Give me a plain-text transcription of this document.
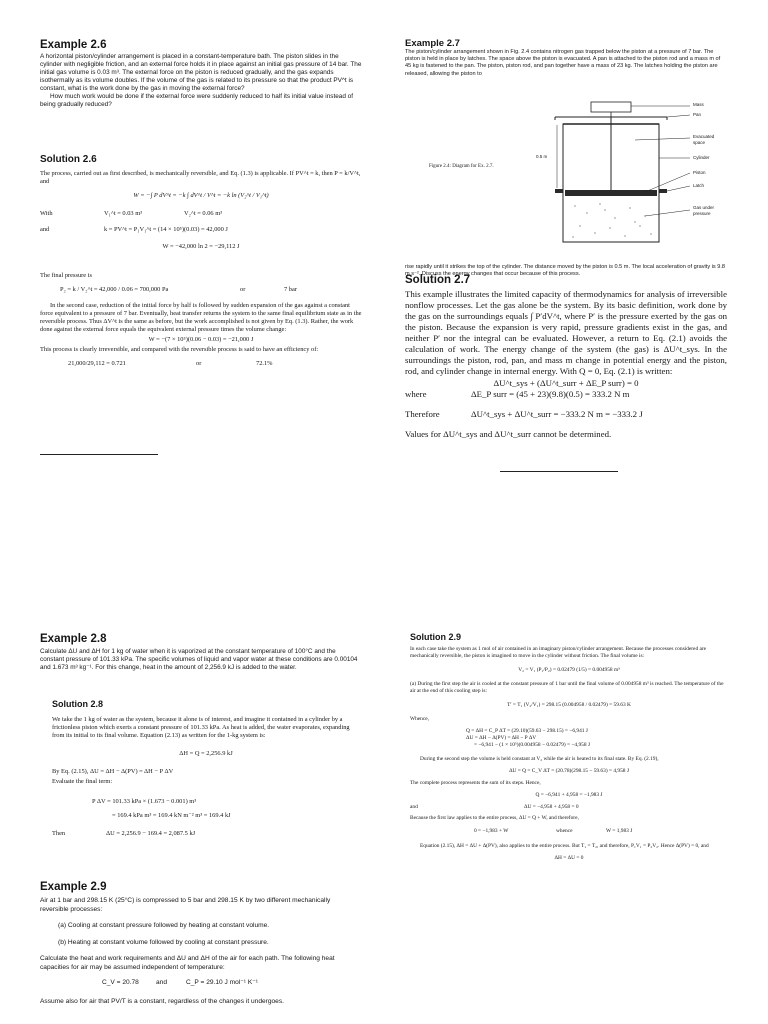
Example 2.6

A horizontal piston/cylinder arrangement is placed in a constant-temperature bath. The piston slides in the cylinder with negligible friction, and an external force holds it in place against an initial gas pressure of 14 bar. The initial gas volume is 0.03 m³. The external force on the piston is reduced gradually, and the gas expands isothermally as its volume doubles. If the volume of the gas is related to its pressure so that the product PV^t is constant, what is the work done by the gas in moving the external force?

How much work would be done if the external force were suddenly reduced to half its initial value instead of being gradually reduced?

Solution 2.6

The process, carried out as first described, is mechanically reversible, and Eq. (1.3) is applicable. If PV^t = k, then P = k/V^t, and

W = −∫ P dV^t = −k ∫ dV^t / V^t = −k ln (V₂^t / V₁^t)

With	V₁^t = 0.03 m³	V₂^t = 0.06 m³
and	k = PV^t = P₁V₁^t = (14 × 10⁵)(0.03) = 42,000 J

W = −42,000 ln 2 = −29,112 J

The final pressure is

P₂ = k / V₂^t = 42,000 / 0.06 = 700,000 Pa	or	7 bar

In the second case, reduction of the initial force by half is followed by sudden expansion of the gas against a constant force equivalent to a pressure of 7 bar. Eventually, heat transfer returns the system to the same final equilibrium state as in the reversible process. Thus ΔV^t is the same as before, but the work accomplished is not given by Eq. (1.3). Rather, the work done against the external force equals the equivalent external pressure times the volume change:

W = −(7 × 10⁵)(0.06 − 0.03) = −21,000 J

This process is clearly irreversible, and compared with the reversible process is said to have an efficiency of:

21,000/29,112 = 0.721	or	72.1%
Example 2.7

The piston/cylinder arrangement shown in Fig. 2.4 contains nitrogen gas trapped below the piston at a pressure of 7 bar. The piston is held in place by latches. The space above the piston is evacuated. A pan is attached to the piston rod and a mass m of 45 kg is fastened to the pan. The piston, piston rod, and pan together have a mass of 23 kg. The latches holding the piston are released, allowing the piston to

Mass
Pan
Evacuated space
Cylinder
Piston
Latch
Gas under pressure
0.5 m
Figure 2.4: Diagram for Ex. 2.7.

rise rapidly until it strikes the top of the cylinder. The distance moved by the piston is 0.5 m. The local acceleration of gravity is 9.8 m s⁻². Discuss the energy changes that occur because of this process.

Solution 2.7

This example illustrates the limited capacity of thermodynamics for analysis of irreversible nonflow processes. Let the gas alone be the system. By its basic definition, work done by the gas on the surroundings equals ∫ P′dV^t, where P′ is the pressure exerted by the gas on the piston. Because the expansion is very rapid, pressure gradients exist in the gas, and neither P′ nor the integral can be evaluated. However, a return to Eq. (2.1) avoids the calculation of work. The energy change of the system (the gas) is ΔU^t_sys. In the surroundings the piston, rod, pan, and mass m change in potential energy and the piston, rod, and cylinder change in internal energy. With Q = 0, Eq. (2.1) is written:

ΔU^t_sys + (ΔU^t_surr + ΔE_P surr) = 0

where	ΔE_P surr = (45 + 23)(9.8)(0.5) = 333.2 N m
Therefore	ΔU^t_sys + ΔU^t_surr = −333.2 N m = −333.2 J

Values for ΔU^t_sys and ΔU^t_surr cannot be determined.

Example 2.8

Calculate ΔU and ΔH for 1 kg of water when it is vaporized at the constant temperature of 100°C and the constant pressure of 101.33 kPa. The specific volumes of liquid and vapor water at these conditions are 0.00104 and 1.673 m³ kg⁻¹. For this change, heat in the amount of 2,256.9 kJ is added to the water.

Solution 2.8

We take the 1 kg of water as the system, because it alone is of interest, and imagine it contained in a cylinder by a frictionless piston which exerts a constant pressure of 101.33 kPa. As heat is added, the water evaporates, expanding from its initial to its final volume. Equation (2.13) as written for the 1-kg system is:

ΔH = Q = 2,256.9 kJ

By Eq. (2.15), ΔU = ΔH − Δ(PV) = ΔH − P ΔV

Evaluate the final term:

P ΔV = 101.33 kPa × (1.673 − 0.001) m³

= 169.4 kPa m³ = 169.4 kN m⁻² m³ = 169.4 kJ

Then	ΔU = 2,256.9 − 169.4 = 2,087.5 kJ
Example 2.9

Air at 1 bar and 298.15 K (25°C) is compressed to 5 bar and 298.15 K by two different mechanically reversible processes:

(a) Cooling at constant pressure followed by heating at constant volume.

(b) Heating at constant volume followed by cooling at constant pressure.

Calculate the heat and work requirements and ΔU and ΔH of the air for each path. The following heat capacities for air may be assumed independent of temperature:

C_V = 20.78	and	C_P = 29.10 J mol⁻¹ K⁻¹

Assume also for air that PV/T is a constant, regardless of the changes it undergoes.

Solution 2.9

In each case take the system as 1 mol of air contained in an imaginary piston/cylinder arrangement. Because the processes considered are mechanically reversible, the piston is imagined to move in the cylinder without friction. The final volume is:

V₂ = V₁ (P₁/P₂) = 0.02479 (1/5) = 0.004958 m³

(a) During the first step the air is cooled at the constant pressure of 1 bar until the final volume of 0.004958 m³ is reached. The temperature of the air at the end of this cooling step is:

T′ = T₁ (V₂/V₁) = 298.15 (0.004958 / 0.02479) = 59.63 K

Whence,

Q = ΔH = C_P ΔT = (29.10)(59.63 − 298.15) = −6,941 J

ΔU = ΔH − Δ(PV) = ΔH − P ΔV

= −6,941 − (1 × 10⁵)(0.004958 − 0.02479) = −4,958 J

During the second step the volume is held constant at V₂ while the air is heated to its final state. By Eq. (2.19),

ΔU = Q = C_V ΔT = (20.78)(298.15 − 59.63) = 4,958 J

The complete process represents the sum of its steps. Hence,

Q = −6,941 + 4,958 = −1,983 J

and	ΔU = −4,958 + 4,958 = 0

Because the first law applies to the entire process, ΔU = Q + W, and therefore,

0 = −1,983 + W	whence	W = 1,983 J

Equation (2.15), ΔH = ΔU + Δ(PV), also applies to the entire process. But T₁ = T₂, and therefore, P₁V₁ = P₂V₂. Hence Δ(PV) = 0, and

ΔH = ΔU = 0
